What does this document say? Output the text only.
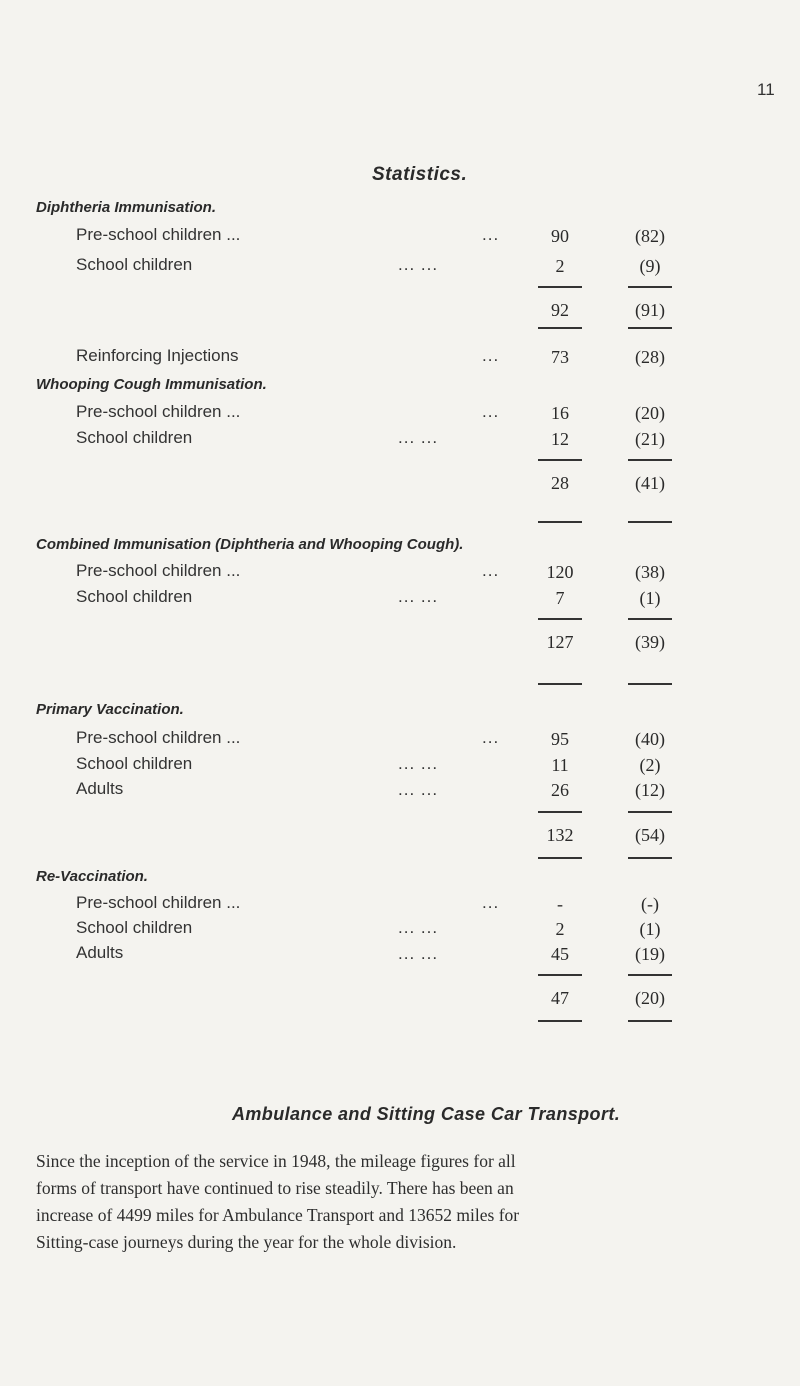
11
Statistics.
Diphtheria Immunisation.
Pre-school children ...	...	90	(82)
School children	... ...	2	(9)
92	(91)
Reinforcing Injections	...	73	(28)
Whooping Cough Immunisation.
Pre-school children ...	...	16	(20)
School children	... ...	12	(21)
28	(41)
Combined Immunisation (Diphtheria and Whooping Cough).
Pre-school children ...	...	120	(38)
School children	... ...	7	(1)
127	(39)
Primary Vaccination.
Pre-school children ...	...	95	(40)
School children	... ...	11	(2)
Adults	... ...	26	(12)
132	(54)
Re-Vaccination.
Pre-school children ...	...	-	(-)
School children	... ...	2	(1)
Adults	... ...	45	(19)
47	(20)
Ambulance and Sitting Case Car Transport.
Since the inception of the service in 1948, the mileage figures for all
forms of transport have continued to rise steadily. There has been an
increase of 4499 miles for Ambulance Transport and 13652 miles for
Sitting-case journeys during the year for the whole division.
